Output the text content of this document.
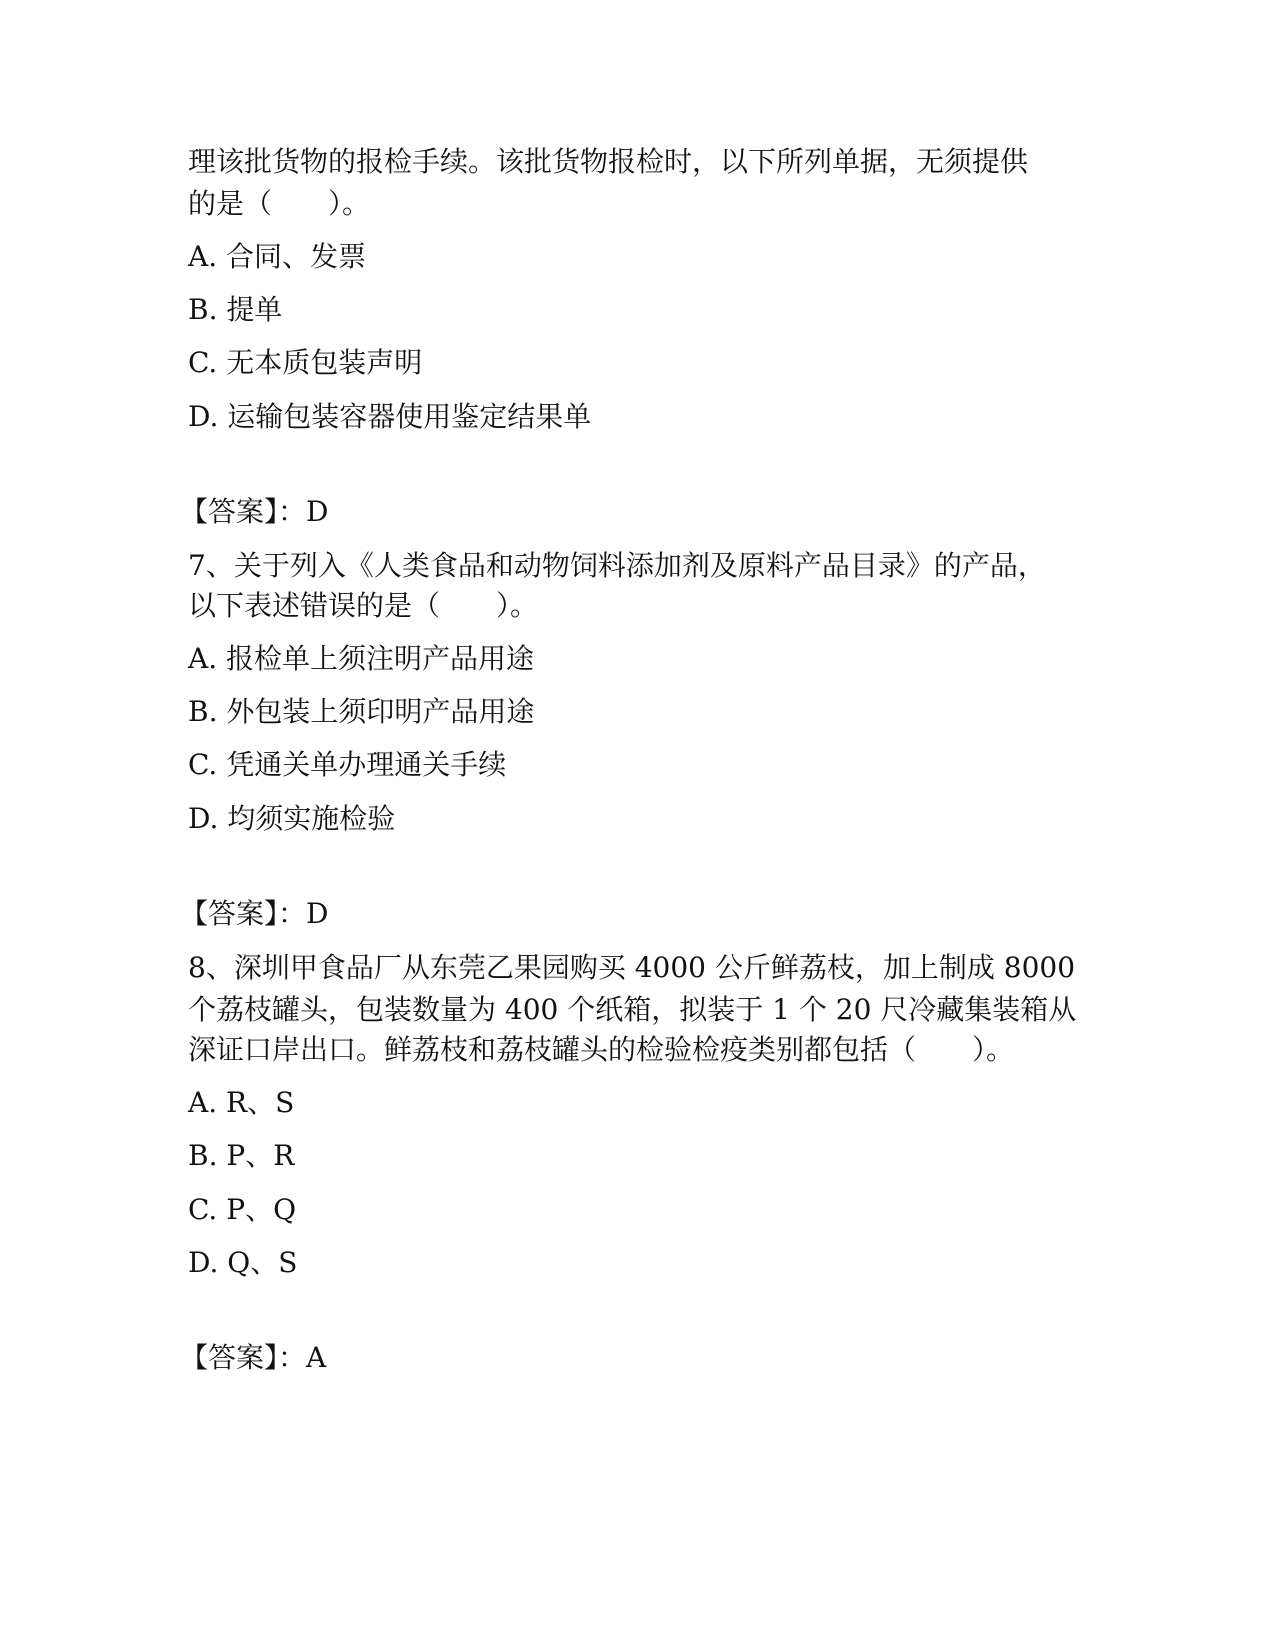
理该批货物的报检手续。该批货物报检时，以下所列单据，无须提供
的是（　　）。
A. 合同、发票
B. 提单
C. 无本质包装声明
D. 运输包装容器使用鉴定结果单
【答案】：D
7、关于列入《人类食品和动物饲料添加剂及原料产品目录》的产品，
以下表述错误的是（　　）。
A. 报检单上须注明产品用途
B. 外包装上须印明产品用途
C. 凭通关单办理通关手续
D. 均须实施检验
【答案】：D
8、深圳甲食品厂从东莞乙果园购买 4000 公斤鲜荔枝，加上制成 8000
个荔枝罐头，包装数量为 400 个纸箱，拟装于 1 个 20 尺冷藏集装箱从
深证口岸出口。鲜荔枝和荔枝罐头的检验检疫类别都包括（　　）。
A. R、S
B. P、R
C. P、Q
D. Q、S
【答案】：A
